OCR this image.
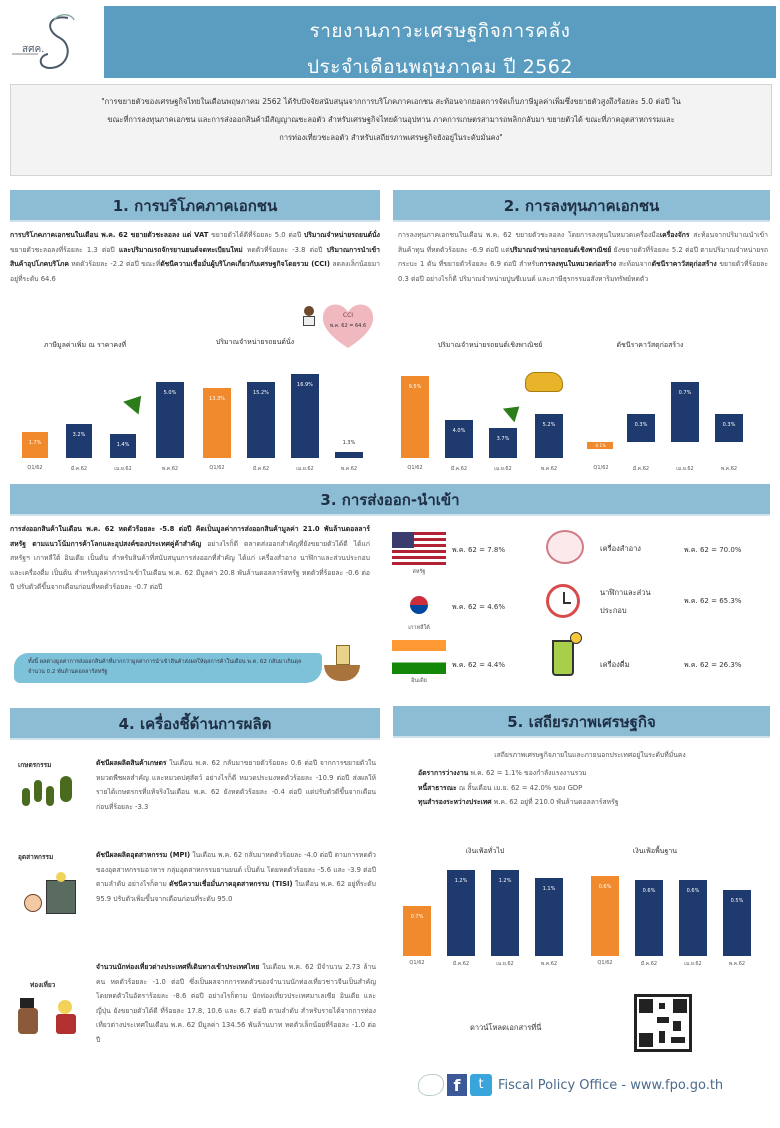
สศค.
รายงานภาวะเศรษฐกิจการคลัง
ประจำเดือนพฤษภาคม ปี 2562
"การขยายตัวของเศรษฐกิจไทยในเดือนพฤษภาคม 2562 ได้รับปัจจัยสนับสนุนจากการบริโภคภาคเอกชน สะท้อนจากยอดการจัดเก็บภาษีมูลค่าเพิ่มซึ่งขยายตัวสูงถึงร้อยละ 5.0 ต่อปี ในขณะที่การลงทุนภาคเอกชน และการส่งออกสินค้ามีสัญญาณชะลอตัว สำหรับเศรษฐกิจไทยด้านอุปทาน ภาคการเกษตรสามารถพลิกกลับมา ขยายตัวได้ ขณะที่ภาคอุตสาหกรรมและการท่องเที่ยวชะลอตัว สำหรับเสถียรภาพเศรษฐกิจยังอยู่ในระดับมั่นคง"
1. การบริโภคภาคเอกชน
การบริโภคภาคเอกชนในเดือน พ.ค. 62 ขยายตัวชะลอลง แต่ VAT ขยายตัวได้ดีที่ร้อยละ 5.0 ต่อปี ปริมาณจำหน่ายรถยนต์นั่ง ขยายตัวชะลอลงที่ร้อยละ 1.3 ต่อปี และปริมาณรถจักรยานยนต์จดทะเบียนใหม่ หดตัวที่ร้อยละ -3.8 ต่อปี ปริมาณการนำเข้าสินค้าอุปโภคบริโภค หดตัวร้อยละ -2.2 ต่อปี ขณะที่ดัชนีความเชื่อมั่นผู้บริโภคเกี่ยวกับเศรษฐกิจโดยรวม (CCI) ลดลงเล็กน้อยมาอยู่ที่ระดับ 64.6
CCI
พ.ค. 62 = 64.6
ภาษีมูลค่าเพิ่ม ณ ราคาคงที่
1.7%
3.2%
1.4%
5.0%
Q1/62	มี.ค.62	เม.ย.62	พ.ค.62
ปริมาณจำหน่ายรถยนต์นั่ง
13.3%
15.2%
16.9%
1.3%
Q1/62	มี.ค.62	เม.ย.62	พ.ค.62
2. การลงทุนภาคเอกชน
การลงทุนภาคเอกชนในเดือน พ.ค. 62 ขยายตัวชะลอลง โดยการลงทุนในหมวดเครื่องมือเครื่องจักร สะท้อนจากปริมาณนำเข้าสินค้าทุน ที่หดตัวร้อยละ -6.9 ต่อปี แต่ปริมาณจำหน่ายรถยนต์เชิงพาณิชย์ ยังขยายตัวที่ร้อยละ 5.2 ต่อปี ตามปริมาณจำหน่ายรถกระบะ 1 ตัน ที่ขยายตัวร้อยละ 6.9 ต่อปี สำหรับการลงทุนในหมวดก่อสร้าง สะท้อนจากดัชนีราคาวัสดุก่อสร้าง ขยายตัวที่ร้อยละ 0.3 ต่อปี อย่างไรก็ดี ปริมาณจำหน่ายปูนซีเมนต์ และภาษีธุรกรรมอสังหาริมทรัพย์หดตัว
ปริมาณจำหน่ายรถยนต์เชิงพาณิชย์
9.5%
4.0%
3.7%
5.2%
Q1/62	มี.ค.62	เม.ย.62	พ.ค.62
ดัชนีราคาวัสดุก่อสร้าง
-0.1%
0.3%
0.7%
0.3%
Q1/62	มี.ค.62	เม.ย.62	พ.ค.62
3. การส่งออก-นำเข้า
การส่งออกสินค้าในเดือน พ.ค. 62 หดตัวร้อยละ -5.8 ต่อปี คิดเป็นมูลค่าการส่งออกสินค้ามูลค่า 21.0 พันล้านดอลลาร์สหรัฐ ตามแนวโน้มการค้าโลกและอุปสงค์ของประเทศคู่ค้าสำคัญ อย่างไรก็ดี ตลาดส่งออกสำคัญที่ยังขยายตัวได้ดี ได้แก่ สหรัฐฯ เกาหลีใต้ อินเดีย เป็นต้น สำหรับสินค้าที่สนับสนุนการส่งออกที่สำคัญ ได้แก่ เครื่องสำอาง นาฬิกาและส่วนประกอบ และเครื่องดื่ม เป็นต้น สำหรับมูลค่าการนำเข้าในเดือน พ.ค. 62 มีมูลค่า 20.8 พันล้านดอลลาร์สหรัฐ หดตัวที่ร้อยละ -0.6 ต่อปี ปรับตัวดีขึ้นจากเดือนก่อนที่หดตัวร้อยละ -0.7 ต่อปี
ทั้งนี้ ผลต่างมูลค่าการส่งออกสินค้าที่มากกว่ามูลค่าการนำเข้าสินค้าส่งผลให้ดุลการค้าในเดือน พ.ค. 62 กลับมาเกินดุลจำนวน 0.2 พันล้านดอลลาร์สหรัฐ
สหรัฐ
พ.ค. 62 = 7.8%
เกาหลีใต้
พ.ค. 62 = 4.6%
อินเดีย
พ.ค. 62 = 4.4%
เครื่องสำอาง	พ.ค. 62 = 70.0%
นาฬิกาและส่วนประกอบ
พ.ค. 62 = 65.3%
เครื่องดื่ม	พ.ค. 62 = 26.3%
4. เครื่องชี้ด้านการผลิต
เกษตรกรรม	ดัชนีผลผลิตสินค้าเกษตร ในเดือน พ.ค. 62 กลับมาขยายตัวร้อยละ 0.6 ต่อปี จากการขยายตัวในหมวดพืชผลสำคัญ และหมวดปศุสัตว์ อย่างไรก็ดี หมวดประมงหดตัวร้อยละ -10.9 ต่อปี ส่งผลให้รายได้เกษตรกรที่แท้จริงในเดือน พ.ค. 62 ยังหดตัวร้อยละ -0.4 ต่อปี แต่ปรับตัวดีขึ้นจากเดือนก่อนที่ร้อยละ -3.3
อุตสาหกรรม	ดัชนีผลผลิตอุตสาหกรรม (MPI) ในเดือน พ.ค. 62 กลับมาหดตัวร้อยละ -4.0 ต่อปี ตามการหดตัวของอุตสาหกรรมอาหาร กลุ่มอุตสาหกรรมยานยนต์ เป็นต้น โดยหดตัวร้อยละ -5.6 และ -3.9 ต่อปี ตามลำดับ อย่างไรก็ตาม ดัชนีความเชื่อมั่นภาคอุตสาหกรรม (TISI) ในเดือน พ.ค. 62 อยู่ที่ระดับ 95.9 ปรับตัวเพิ่มขึ้นจากเดือนก่อนที่ระดับ 95.0
ท่องเที่ยว
จำนวนนักท่องเที่ยวต่างประเทศที่เดินทางเข้าประเทศไทย ในเดือน พ.ค. 62 มีจำนวน 2.73 ล้านคน หดตัวร้อยละ -1.0 ต่อปี ซึ่งเป็นผลจากการหดตัวของจำนวนนักท่องเที่ยวชาวจีนเป็นสำคัญ โดยหดตัวในอัตราร้อยละ -8.6 ต่อปี อย่างไรก็ตาม นักท่องเที่ยวประเทศมาเลเซีย อินเดีย และญี่ปุ่น ยังขยายตัวได้ดี ที่ร้อยละ 17.8, 10.6 และ 6.7 ต่อปี ตามลำดับ สำหรับรายได้จากการท่องเที่ยวต่างประเทศในเดือน พ.ค. 62 มีมูลค่า 134.56 พันล้านบาท หดตัวเล็กน้อยที่ร้อยละ -1.0 ต่อปี
5. เสถียรภาพเศรษฐกิจ
เสถียรภาพเศรษฐกิจภายในและภายนอกประเทศอยู่ในระดับที่มั่นคง
อัตราการว่างงาน พ.ค. 62 = 1.1% ของกำลังแรงงานรวม
หนี้สาธารณะ ณ สิ้นเดือน เม.ย. 62 = 42.0% ของ GDP
ทุนสำรองระหว่างประเทศ พ.ค. 62 อยู่ที่ 210.0 พันล้านดอลลาร์สหรัฐ
เงินเฟ้อทั่วไป
0.7%
1.2%	1.2%
1.1%
Q1/62	มี.ค.62	เม.ย.62	พ.ค.62
เงินเฟ้อพื้นฐาน
0.6%
0.6%	0.6%
0.5%
Q1/62	มี.ค.62	เม.ย.62	พ.ค.62
ดาวน์โหลดเอกสารที่นี่
f	t	Fiscal Policy Office - www.fpo.go.th
